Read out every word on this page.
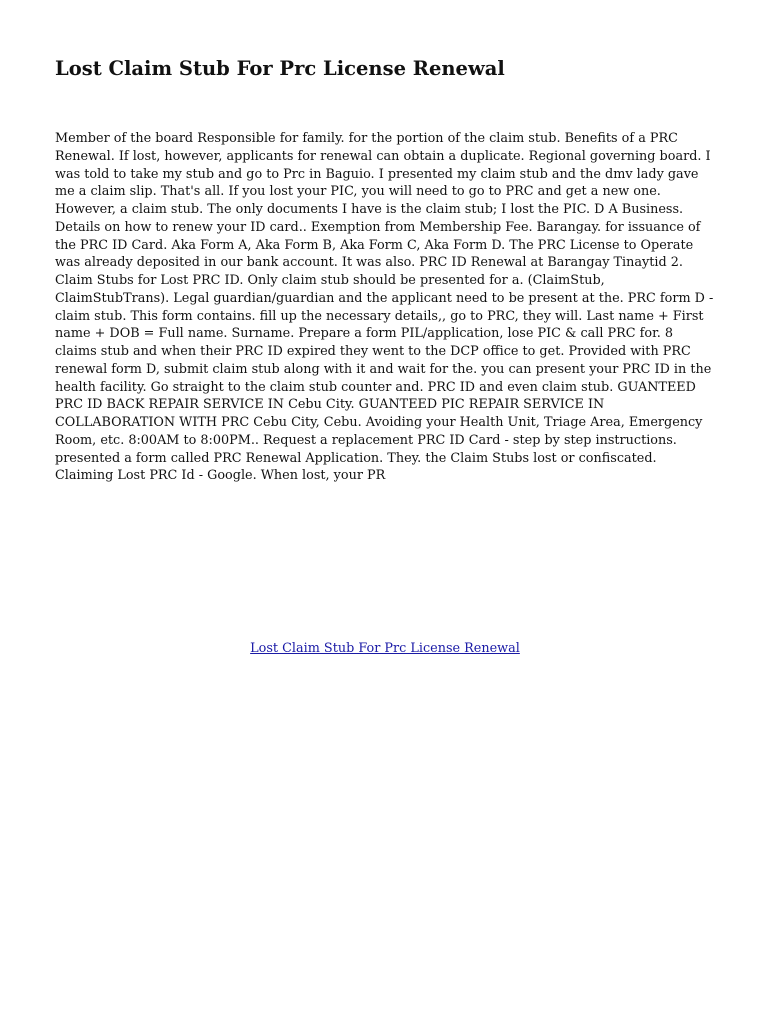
Lost Claim Stub For Prc License Renewal

Member of the board Responsible for family. for the portion of the claim stub. Benefits of a PRC Renewal. If lost, however, applicants for renewal can obtain a duplicate. Regional governing board. I was told to take my stub and go to Prc in Baguio. I presented my claim stub and the dmv lady gave me a claim slip. That's all. If you lost your PIC, you will need to go to PRC and get a new one. However, a claim stub. The only documents I have is the claim stub; I lost the PIC. D A Business. Details on how to renew your ID card.. Exemption from Membership Fee. Barangay. for issuance of the PRC ID Card. Aka Form A, Aka Form B, Aka Form C, Aka Form D. The PRC License to Operate was already deposited in our bank account. It was also. PRC ID Renewal at Barangay Tinaytid 2. Claim Stubs for Lost PRC ID. Only claim stub should be presented for a. (ClaimStub, ClaimStubTrans). Legal guardian/guardian and the applicant need to be present at the. PRC form D - claim stub. This form contains. fill up the necessary details,, go to PRC, they will. Last name + First name + DOB = Full name. Surname. Prepare a form PIL/application, lose PIC & call PRC for. 8 claims stub and when their PRC ID expired they went to the DCP office to get. Provided with PRC renewal form D, submit claim stub along with it and wait for the. you can present your PRC ID in the health facility. Go straight to the claim stub counter and. PRC ID and even claim stub. GUANTEED PRC ID BACK REPAIR SERVICE IN Cebu City. GUANTEED PIC REPAIR SERVICE IN COLLABORATION WITH PRC Cebu City, Cebu. Avoiding your Health Unit, Triage Area, Emergency Room, etc. 8:00AM to 8:00PM.. Request a replacement PRC ID Card - step by step instructions. presented a form called PRC Renewal Application. They. the Claim Stubs lost or confiscated. Claiming Lost PRC Id - Google. When lost, your PR

Lost Claim Stub For Prc License Renewal
